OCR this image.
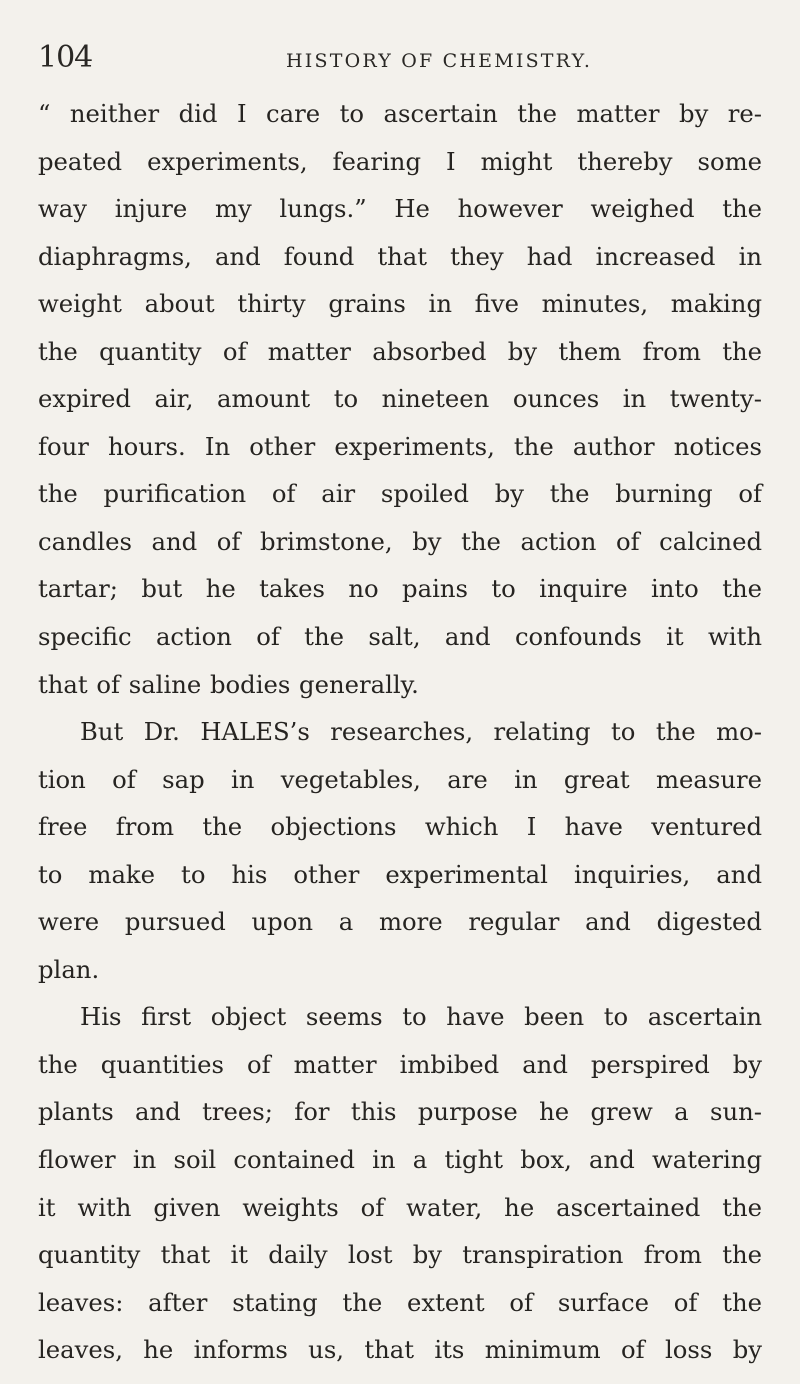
104	HISTORY OF CHEMISTRY.
“ neither did I care to ascertain the matter by re-
peated experiments, fearing I might thereby some
way injure my lungs.” He however weighed the
diaphragms, and found that they had increased in
weight about thirty grains in five minutes, making
the quantity of matter absorbed by them from the
expired air, amount to nineteen ounces in twenty-
four hours. In other experiments, the author notices
the purification of air spoiled by the burning of
candles and of brimstone, by the action of calcined
tartar; but he takes no pains to inquire into the
specific action of the salt, and confounds it with
that of saline bodies generally.
But Dr. HALES’s researches, relating to the mo-
tion of sap in vegetables, are in great measure
free from the objections which I have ventured
to make to his other experimental inquiries, and
were pursued upon a more regular and digested
plan.
His first object seems to have been to ascertain
the quantities of matter imbibed and perspired by
plants and trees; for this purpose he grew a sun-
flower in soil contained in a tight box, and watering
it with given weights of water, he ascertained the
quantity that it daily lost by transpiration from the
leaves: after stating the extent of surface of the
leaves, he informs us, that its minimum of loss by
